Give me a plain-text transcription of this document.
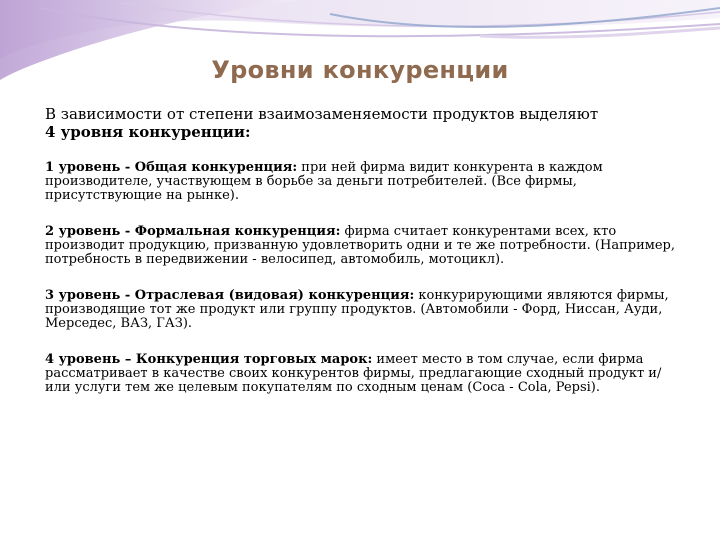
Уровни конкуренции

В зависимости от степени взаимозаменяемости продуктов выделяют
4 уровня конкуренции:

1 уровень - Общая конкуренция: при ней фирма видит конкурента в каждом производителе, участвующем в борьбе за деньги потребителей. (Все фирмы, присутствующие на рынке).

2 уровень - Формальная конкуренция: фирма считает конкурентами всех, кто производит продукцию, призванную удовлетворить одни и те же потребности. (Например, потребность в передвижении - велосипед, автомобиль, мотоцикл).

3 уровень - Отраслевая (видовая) конкуренция: конкурирующими являются фирмы, производящие тот же продукт или группу продуктов. (Автомобили - Форд, Ниссан, Ауди, Мерседес, ВАЗ, ГАЗ).

4 уровень – Конкуренция торговых марок: имеет место в том случае, если фирма рассматривает в качестве своих конкурентов фирмы, предлагающие сходный продукт и/или услуги тем же целевым покупателям по сходным ценам (Coca - Cola, Pepsi).
